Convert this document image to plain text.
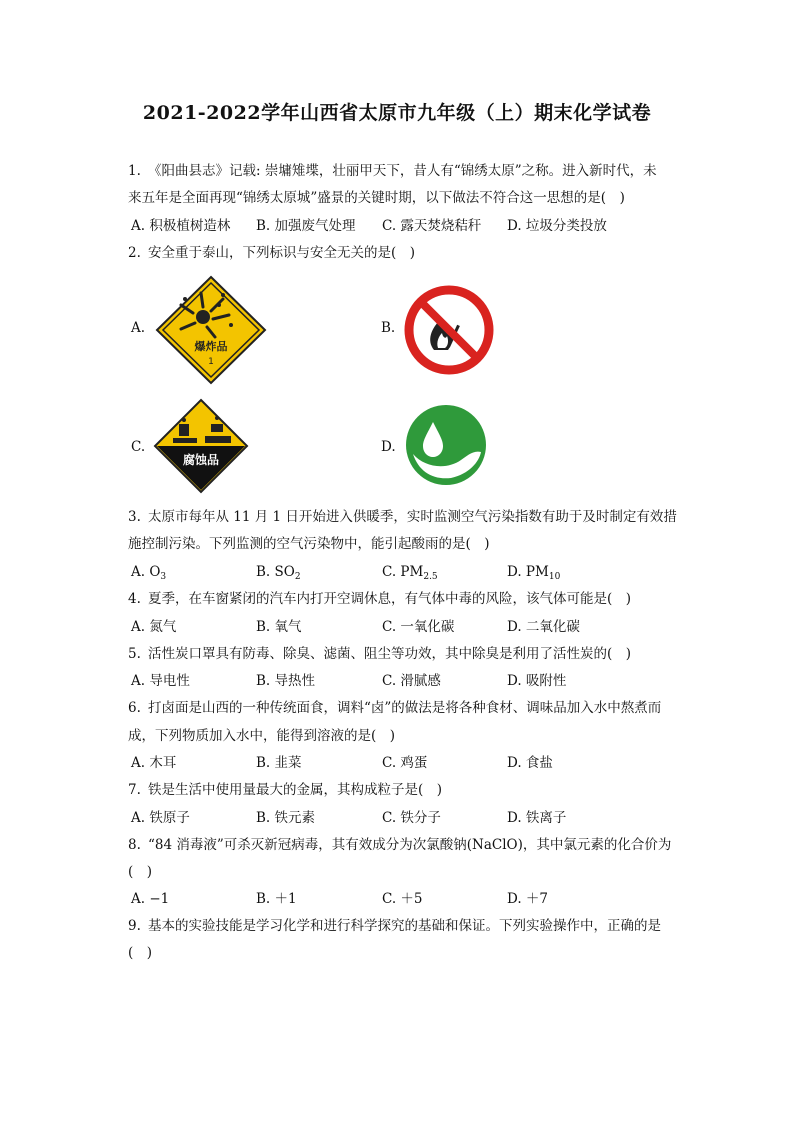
2021-2022学年山西省太原市九年级（上）期末化学试卷
1. 《阳曲县志》记载: 崇墉雉堞，壮丽甲天下，昔人有“锦绣太原”之称。进入新时代，未
来五年是全面再现“锦绣太原城”盛景的关键时期，以下做法不符合这一思想的是(　)
A. 积极植树造林 B. 加强废气处理 C. 露天焚烧秸秆 D. 垃圾分类投放
2. 安全重于泰山，下列标识与安全无关的是(　)
A.
爆炸品
1
B.
C.
腐蚀品
D.
3. 太原市每年从 11 月 1 日开始进入供暖季，实时监测空气污染指数有助于及时制定有效措
施控制污染。下列监测的空气污染物中，能引起酸雨的是(　)
A. $O_3$	B. $SO_2$	C. $PM_{2.5}$	D. $PM_{10}$
4. 夏季，在车窗紧闭的汽车内打开空调休息，有气体中毒的风险，该气体可能是(　)
A. 氮气	B. 氧气	C. 一氧化碳	D. 二氧化碳
5. 活性炭口罩具有防毒、除臭、滤菌、阻尘等功效，其中除臭是利用了活性炭的(　)
A. 导电性	B. 导热性	C. 滑腻感	D. 吸附性
6. 打卤面是山西的一种传统面食，调料“卤”的做法是将各种食材、调味品加入水中熬煮而
成，下列物质加入水中，能得到溶液的是(　)
A. 木耳	B. 韭菜	C. 鸡蛋	D. 食盐
7. 铁是生活中使用量最大的金属，其构成粒子是(　)
A. 铁原子	B. 铁元素	C. 铁分子	D. 铁离子
8. “84 消毒液”可杀灭新冠病毒，其有效成分为次氯酸钠(NaClO)，其中氯元素的化合价为
(　)
A. −1	B. ＋1	C. ＋5	D. ＋7
9. 基本的实验技能是学习化学和进行科学探究的基础和保证。下列实验操作中，正确的是
(　)
